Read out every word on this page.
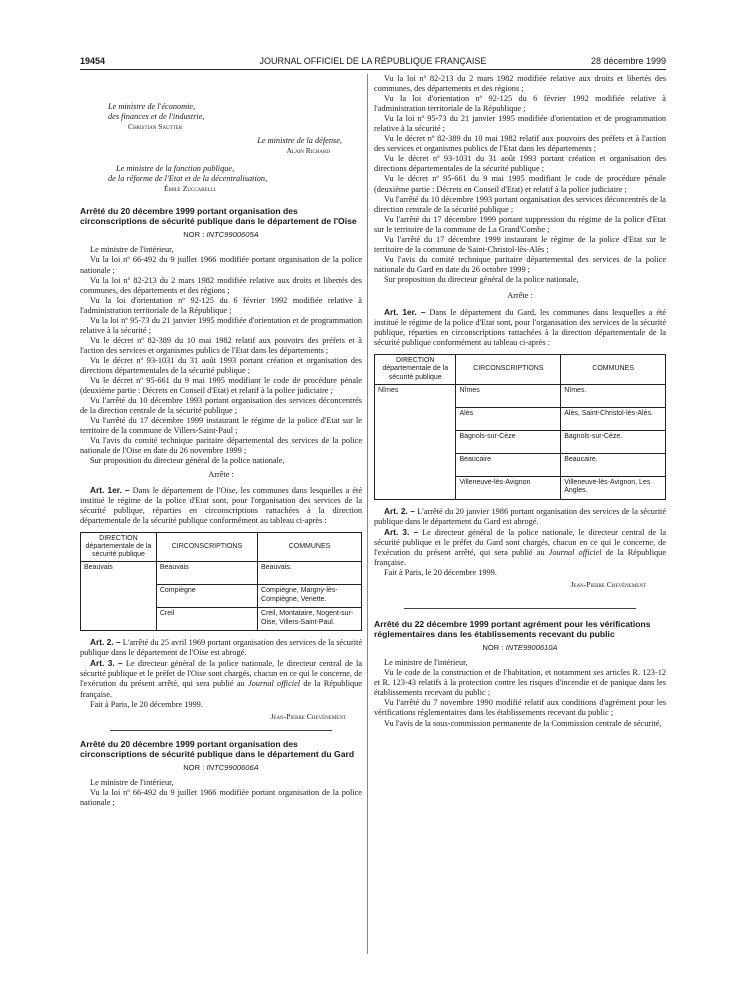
19454	JOURNAL OFFICIEL DE LA RÉPUBLIQUE FRANÇAISE	28 décembre 1999

Le ministre de l'économie,

des finances et de l'industrie,

Christian Sautter

Le ministre de la défense,

Alain Richard

Le ministre de la fonction publique,

de la réforme de l'Etat et de la décentralisation,

Émile Zuccarelli

Arrêté du 20 décembre 1999 portant organisation des circonscriptions de sécurité publique dans le département de l'Oise

NOR : INTC9900605A

Le ministre de l'intérieur,

Vu la loi nº 66-492 du 9 juillet 1966 modifiée portant organisation de la police nationale ;

Vu la loi nº 82-213 du 2 mars 1982 modifiée relative aux droits et libertés des communes, des départements et des régions ;

Vu la loi d'orientation nº 92-125 du 6 février 1992 modifiée relative à l'administration territoriale de la République ;

Vu la loi nº 95-73 du 21 janvier 1995 modifiée d'orientation et de programmation relative à la sécurité ;

Vu le décret nº 82-389 du 10 mai 1982 relatif aux pouvoirs des préfets et à l'action des services et organismes publics de l'Etat dans les départements ;

Vu le décret nº 93-1031 du 31 août 1993 portant création et organisation des directions départementales de la sécurité publique ;

Vu le décret nº 95-661 du 9 mai 1995 modifiant le code de procédure pénale (deuxième partie : Décrets en Conseil d'Etat) et relatif à la police judiciaire ;

Vu l'arrêté du 10 décembre 1993 portant organisation des services déconcentrés de la direction centrale de la sécurité publique ;

Vu l'arrêté du 17 décembre 1999 instaurant le régime de la police d'Etat sur le territoire de la commune de Villers-Saint-Paul ;

Vu l'avis du comité technique paritaire départemental des services de la police nationale de l'Oise en date du 26 novembre 1999 ;

Sur proposition du directeur général de la police nationale,

Arrête :

Art. 1er. – Dans le département de l'Oise, les communes dans lesquelles a été institué le régime de la police d'Etat sont, pour l'organisation des services de la sécurité publique, réparties en circonscriptions rattachées à la direction départementale de la sécurité publique conformément au tableau ci-après :

DIRECTION départementale de la sécurité publique	CIRCONSCRIPTIONS	COMMUNES
Beauvais	Beauvais	Beauvais.
	Compiègne	Compiègne, Margny-lès-Compiègne, Venette.
	Creil	Creil, Montataire, Nogent-sur-Oise, Villers-Saint-Paul.

Art. 2. – L'arrêté du 25 avril 1969 portant organisation des services de la sécurité publique dans le département de l'Oise est abrogé.

Art. 3. – Le directeur général de la police nationale, le directeur central de la sécurité publique et le préfet de l'Oise sont chargés, chacun en ce qui le concerne, de l'exécution du présent arrêté, qui sera publié au Journal officiel de la République française.

Fait à Paris, le 20 décembre 1999.

Jean-Pierre Chevènement

Arrêté du 20 décembre 1999 portant organisation des circonscriptions de sécurité publique dans le département du Gard

NOR : INTC9900606A

Le ministre de l'intérieur,

Vu la loi nº 66-492 du 9 juillet 1966 modifiée portant organisation de la police nationale ;

Vu la loi nº 82-213 du 2 mars 1982 modifiée relative aux droits et libertés des communes, des départements et des régions ;

Vu la loi d'orientation nº 92-125 du 6 février 1992 modifiée relative à l'administration territoriale de la République ;

Vu la loi nº 95-73 du 21 janvier 1995 modifiée d'orientation et de programmation relative à la sécurité ;

Vu le décret nº 82-389 du 10 mai 1982 relatif aux pouvoirs des préfets et à l'action des services et organismes publics de l'Etat dans les départements ;

Vu le décret nº 93-1031 du 31 août 1993 portant création et organisation des directions départementales de la sécurité publique ;

Vu le décret nº 95-661 du 9 mai 1995 modifiant le code de procédure pénale (deuxième partie : Décrets en Conseil d'Etat) et relatif à la police judiciaire ;

Vu l'arrêté du 10 décembre 1993 portant organisation des services déconcentrés de la direction centrale de la sécurité publique ;

Vu l'arrêté du 17 décembre 1999 portant suppression du régime de la police d'Etat sur le territoire de la commune de La Grand'Combe ;

Vu l'arrêté du 17 décembre 1999 instaurant le régime de la police d'Etat sur le territoire de la commune de Saint-Christol-lès-Alès ;

Vu l'avis du comité technique paritaire départemental des services de la police nationale du Gard en date du 26 octobre 1999 ;

Sur proposition du directeur général de la police nationale,

Arrête :

Art. 1er. – Dans le département du Gard, les communes dans lesquelles a été institué le régime de la police d'Etat sont, pour l'organisation des services de la sécurité publique, réparties en circonscriptions rattachées à la direction départementale de la sécurité publique conformément au tableau ci-après :

DIRECTION départementale de la sécurité publique	CIRCONSCRIPTIONS	COMMUNES
Nîmes	Nîmes	Nîmes.
	Alès	Alès, Saint-Christol-lès-Alès.
	Bagnols-sur-Cèze	Bagnols-sur-Cèze.
	Beaucaire	Beaucaire.
	Villeneuve-lès-Avignon	Villeneuve-lès-Avignon, Les Angles.

Art. 2. – L'arrêté du 20 janvier 1986 portant organisation des services de la sécurité publique dans le département du Gard est abrogé.

Art. 3. – Le directeur général de la police nationale, le directeur central de la sécurité publique et le préfet du Gard sont chargés, chacun en ce qui le concerne, de l'exécution du présent arrêté, qui sera publié au Journal officiel de la République française.

Fait à Paris, le 20 décembre 1999.

Jean-Pierre Chevènement

Arrêté du 22 décembre 1999 portant agrément pour les vérifications réglementaires dans les établissements recevant du public

NOR : INTE9900610A

Le ministre de l'intérieur,

Vu le code de la construction et de l'habitation, et notamment ses articles R. 123-12 et R. 123-43 relatifs à la protection contre les risques d'incendie et de panique dans les établissements recevant du public ;

Vu l'arrêté du 7 novembre 1990 modifié relatif aux conditions d'agrément pour les vérifications réglementaires dans les établissements recevant du public ;

Vu l'avis de la sous-commission permanente de la Commission centrale de sécurité,
